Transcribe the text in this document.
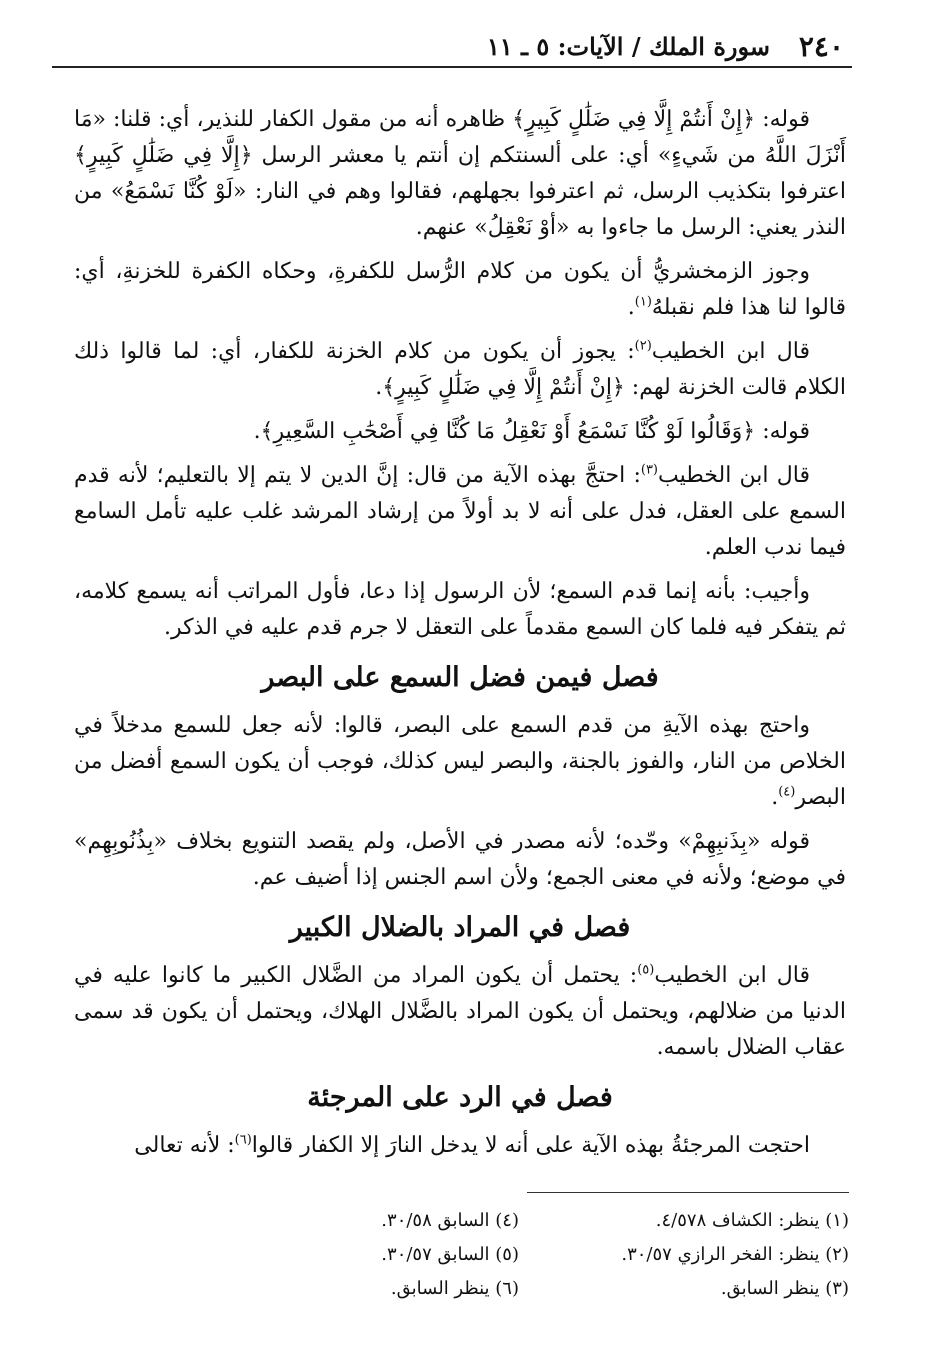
٢٤٠
سورة الملك / الآيات: ٥ ـ ١١

قوله: ﴿إِنْ أَنتُمْ إِلَّا فِي ضَلَٰلٍ كَبِيرٍ﴾ ظاهره أنه من مقول الكفار للنذير، أي: قلنا: «مَا أَنْزَلَ اللَّهُ من شَيءٍ» أي: على ألسنتكم إن أنتم يا معشر الرسل ﴿إِلَّا فِي ضَلَٰلٍ كَبِيرٍ﴾ اعترفوا بتكذيب الرسل، ثم اعترفوا بجهلهم، فقالوا وهم في النار: «لَوْ كُنَّا نَسْمَعُ» من النذر يعني: الرسل ما جاءوا به «أوْ نَعْقِلُ» عنهم.

وجوز الزمخشريُّ أن يكون من كلام الرُّسل للكفرةِ، وحكاه الكفرة للخزنةِ، أي: قالوا لنا هذا فلم نقبلهُ$^{(١)}$.

قال ابن الخطيب$^{(٢)}$: يجوز أن يكون من كلام الخزنة للكفار، أي: لما قالوا ذلك الكلام قالت الخزنة لهم: ﴿إِنْ أَنتُمْ إِلَّا فِي ضَلَٰلٍ كَبِيرٍ﴾.

قوله: ﴿وَقَالُوا لَوْ كُنَّا نَسْمَعُ أَوْ نَعْقِلُ مَا كُنَّا فِي أَصْحَٰبِ السَّعِيرِ﴾.

قال ابن الخطيب$^{(٣)}$: احتجَّ بهذه الآية من قال: إنَّ الدين لا يتم إلا بالتعليم؛ لأنه قدم السمع على العقل، فدل على أنه لا بد أولاً من إرشاد المرشد غلب عليه تأمل السامع فيما ندب العلم.

وأجيب: بأنه إنما قدم السمع؛ لأن الرسول إذا دعا، فأول المراتب أنه يسمع كلامه، ثم يتفكر فيه فلما كان السمع مقدماً على التعقل لا جرم قدم عليه في الذكر.

فصل فيمن فضل السمع على البصر

واحتج بهذه الآيةِ من قدم السمع على البصر، قالوا: لأنه جعل للسمع مدخلاً في الخلاص من النار، والفوز بالجنة، والبصر ليس كذلك، فوجب أن يكون السمع أفضل من البصر$^{(٤)}$.

قوله «بِذَنبِهِمْ» وحّده؛ لأنه مصدر في الأصل، ولم يقصد التنويع بخلاف «بِذُنُوبِهِم» في موضع؛ ولأنه في معنى الجمع؛ ولأن اسم الجنس إذا أضيف عم.

فصل في المراد بالضلال الكبير

قال ابن الخطيب$^{(٥)}$: يحتمل أن يكون المراد من الضَّلال الكبير ما كانوا عليه في الدنيا من ضلالهم، ويحتمل أن يكون المراد بالضَّلال الهلاك، ويحتمل أن يكون قد سمى عقاب الضلال باسمه.

فصل في الرد على المرجئة

احتجت المرجئةُ بهذه الآية على أنه لا يدخل النارَ إلا الكفار قالوا$^{(٦)}$: لأنه تعالى

(١) ينظر: الكشاف ٤/٥٧٨.
(٢) ينظر: الفخر الرازي ٣٠/٥٧.
(٣) ينظر السابق.
(٤) السابق ٣٠/٥٨.
(٥) السابق ٣٠/٥٧.
(٦) ينظر السابق.
